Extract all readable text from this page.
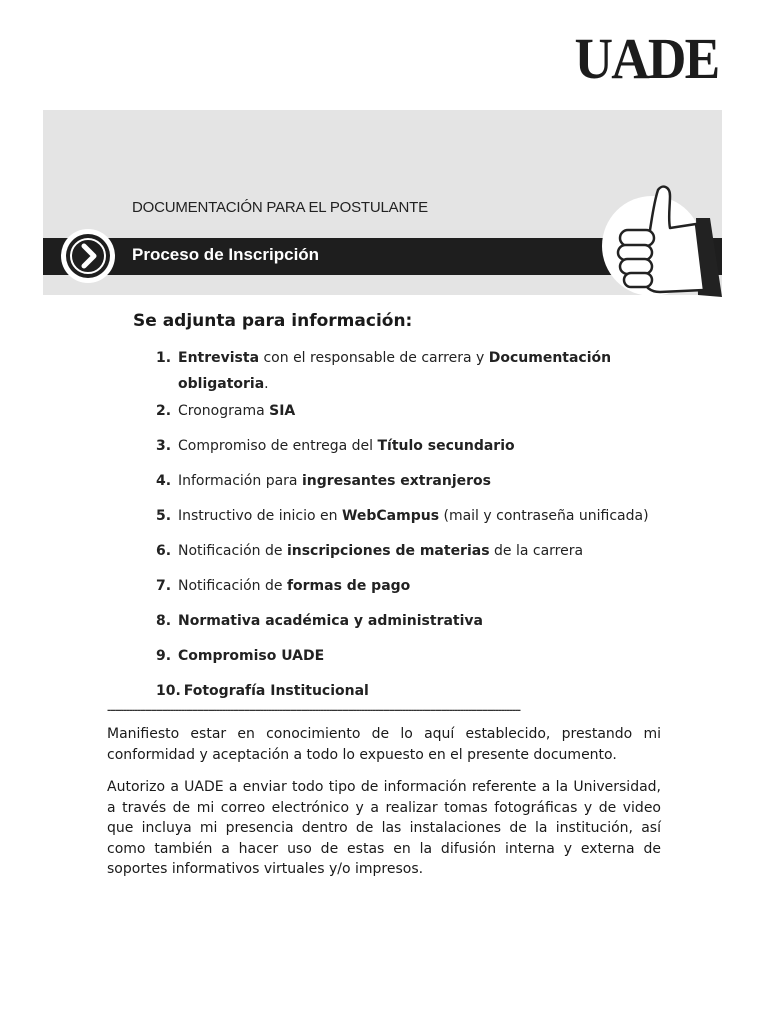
UADE
DOCUMENTACIÓN PARA EL POSTULANTE
Proceso de Inscripción
Se adjunta para información:
1. Entrevista con el responsable de carrera y Documentación
obligatoria.
2. Cronograma SIA
3. Compromiso de entrega del Título secundario
4. Información para ingresantes extranjeros
5. Instructivo de inicio en WebCampus (mail y contraseña unificada)
6. Notificación de inscripciones de materias de la carrera
7. Notificación de formas de pago
8. Normativa académica y administrativa
9. Compromiso UADE
10.
Fotografía Institucional
-------------------------------------------------------------------------------------------------------------------------------------------------------

Manifiesto estar en conocimiento de lo aquí establecido, prestando mi conformidad y aceptación a todo lo expuesto en el presente documento.

Autorizo a UADE a enviar todo tipo de información referente a la Universidad, a través de mi correo electrónico y a realizar tomas fotográficas y de video que incluya mi presencia dentro de las instalaciones de la institución, así como también a hacer uso de estas en la difusión interna y externa de soportes informativos virtuales y/o impresos.
